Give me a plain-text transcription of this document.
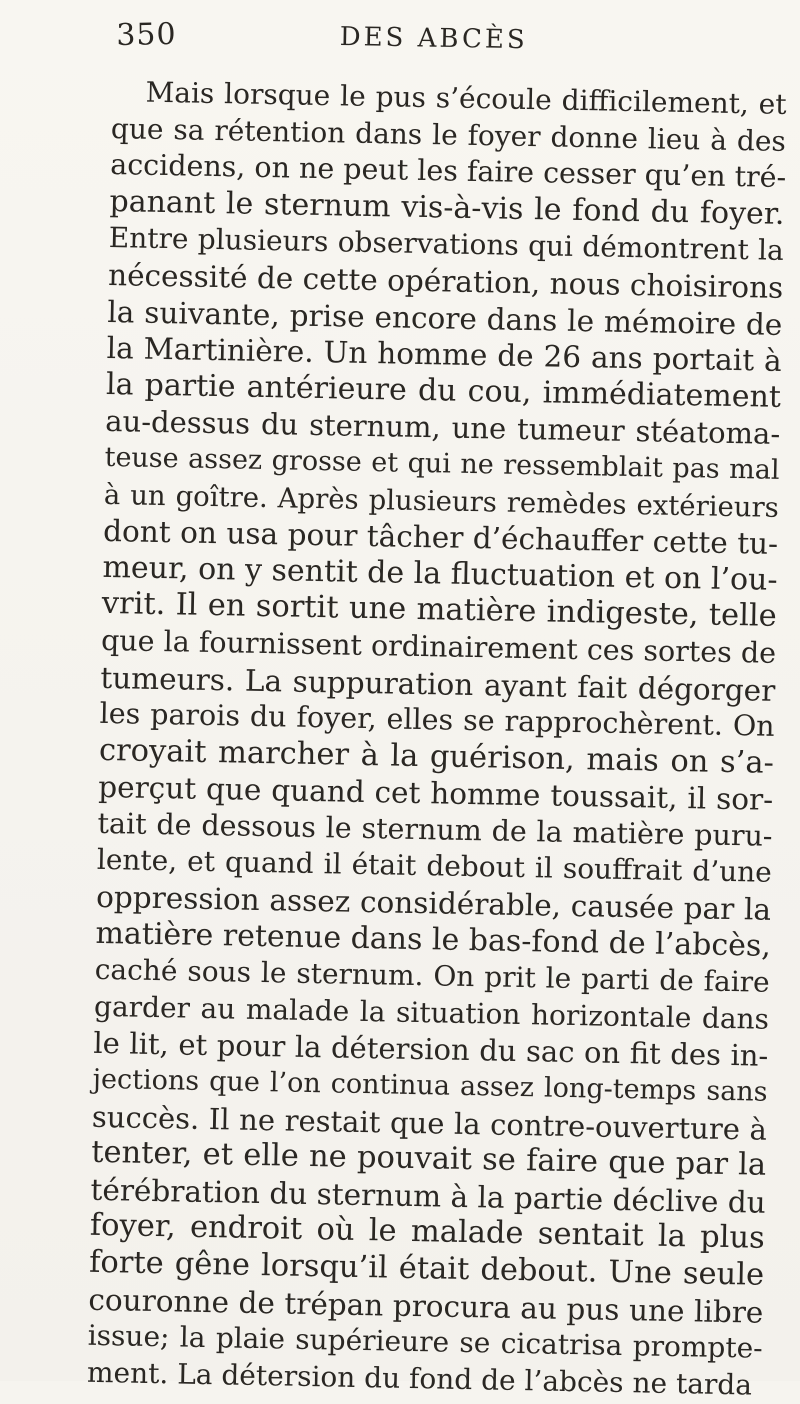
350	DES ABCÈS
Mais lorsque le pus s’écoule difficilement, et
que sa rétention dans le foyer donne lieu à des
accidens, on ne peut les faire cesser qu’en tré-
panant le sternum vis-à-vis le fond du foyer.
Entre plusieurs observations qui démontrent la
nécessité de cette opération, nous choisirons
la suivante, prise encore dans le mémoire de
la Martinière. Un homme de 26 ans portait à
la partie antérieure du cou, immédiatement
au-dessus du sternum, une tumeur stéatoma-
teuse assez grosse et qui ne ressemblait pas mal
à un goître. Après plusieurs remèdes extérieurs
dont on usa pour tâcher d’échauffer cette tu-
meur, on y sentit de la fluctuation et on l’ou-
vrit. Il en sortit une matière indigeste, telle
que la fournissent ordinairement ces sortes de
tumeurs. La suppuration ayant fait dégorger
les parois du foyer, elles se rapprochèrent. On
croyait marcher à la guérison, mais on s’a-
perçut que quand cet homme toussait, il sor-
tait de dessous le sternum de la matière puru-
lente, et quand il était debout il souffrait d’une
oppression assez considérable, causée par la
matière retenue dans le bas-fond de l’abcès,
caché sous le sternum. On prit le parti de faire
garder au malade la situation horizontale dans
le lit, et pour la détersion du sac on fit des in-
jections que l’on continua assez long-temps sans
succès. Il ne restait que la contre-ouverture à
tenter, et elle ne pouvait se faire que par la
térébration du sternum à la partie déclive du
foyer, endroit où le malade sentait la plus
forte gêne lorsqu’il était debout. Une seule
couronne de trépan procura au pus une libre
issue; la plaie supérieure se cicatrisa prompte-
ment. La détersion du fond de l’abcès ne tarda
